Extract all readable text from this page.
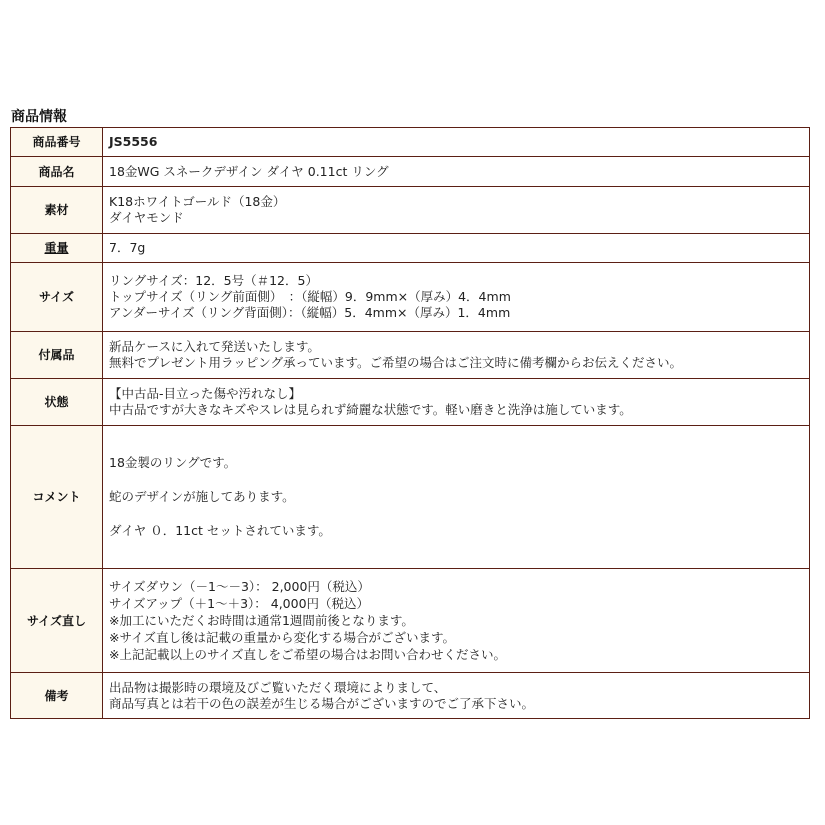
商品情報
商品番号	JS5556

商品名	18金WG スネークデザイン ダイヤ 0.11ct リング

素材	K18ホワイトゴールド（18金）
ダイヤモンド

重量	7．7g

サイズ	リングサイズ：12．5号（＃12．5）
トップサイズ（リング前面側）　：（縦幅）9．9mm×（厚み）4．4mm
アンダーサイズ（リング背面側）：（縦幅）5．4mm×（厚み）1．4mm

付属品	新品ケースに入れて発送いたします。
無料でプレゼント用ラッピング承っています。ご希望の場合はご注文時に備考欄からお伝えください。

状態	【中古品-目立った傷や汚れなし】
中古品ですが大きなキズやスレは見られず綺麗な状態です。軽い磨きと洗浄は施しています。

コメント	18金製のリングです。
蛇のデザインが施してあります。
ダイヤ ０．11ct セットされています。

サイズ直し	サイズダウン（－1～－3）： 2,000円（税込）
サイズアップ（＋1～＋3）： 4,000円（税込）
※加工にいただくお時間は通常1週間前後となります。
※サイズ直し後は記載の重量から変化する場合がございます。
※上記記載以上のサイズ直しをご希望の場合はお問い合わせください。

備考	出品物は撮影時の環境及びご覧いただく環境によりまして、
商品写真とは若干の色の誤差が生じる場合がございますのでご了承下さい。
